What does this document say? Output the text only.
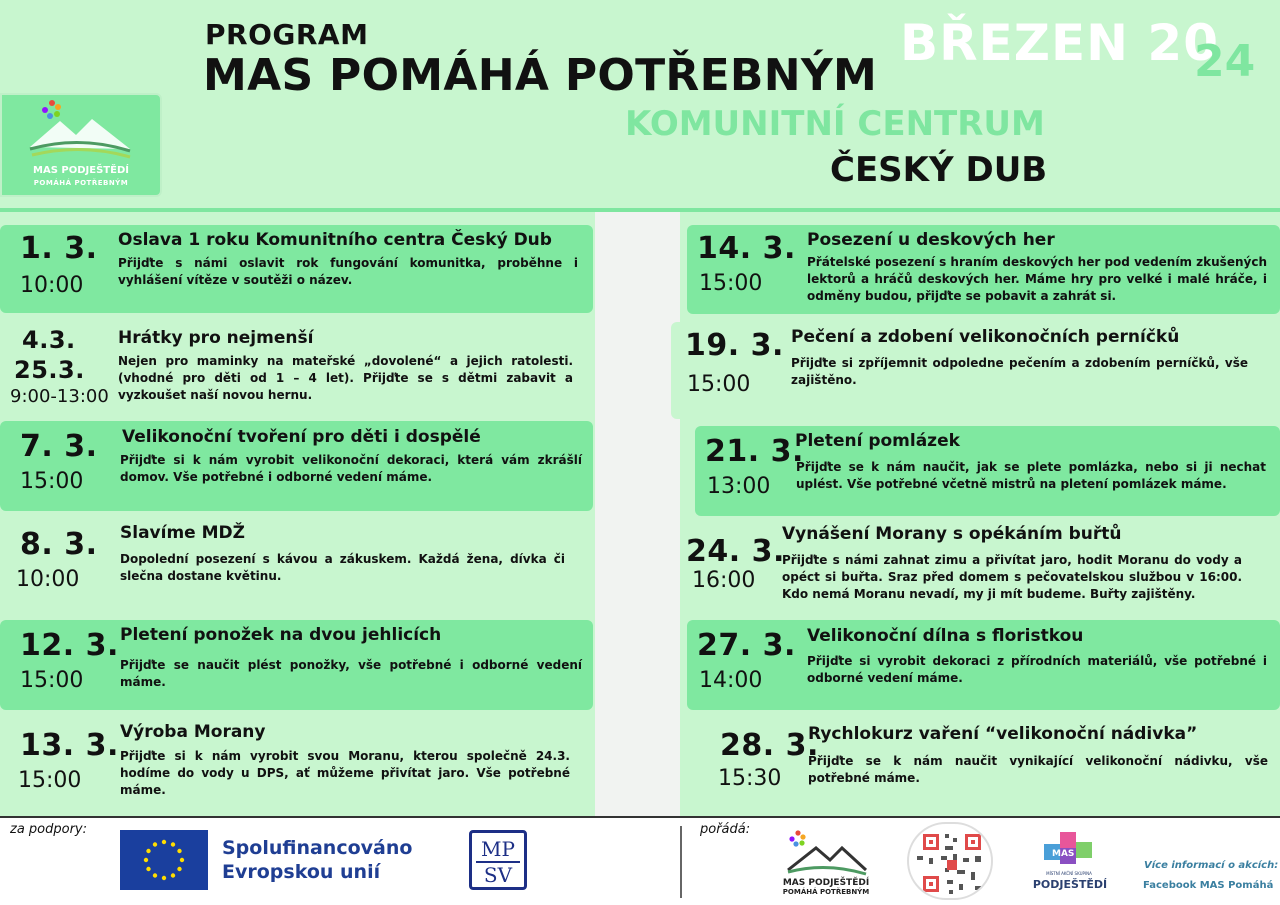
MAS PODJEŠTĚDÍ
POMÁHÁ POTŘEBNÝM
PROGRAM
MAS POMÁHÁ POTŘEBNÝM
BŘEZEN 20
24
KOMUNITNÍ CENTRUM
ČESKÝ DUB
1. 3.
10:00
Oslava 1 roku Komunitního centra Český Dub
Přijďte s námi oslavit rok fungování komunitka, proběhne i vyhlášení vítěze v soutěži o název.
4.3.
25.3.
9:00-13:00
Hrátky pro nejmenší
Nejen pro maminky na mateřské „dovolené“ a jejich ratolesti. (vhodné pro děti od 1 – 4 let). Přijďte se s dětmi zabavit a vyzkoušet naší novou hernu.
7. 3.
15:00
Velikonoční tvoření pro děti i dospělé
Přijďte si k nám vyrobit velikonoční dekoraci, která vám zkrášlí domov. Vše potřebné i odborné vedení máme.
8. 3.
10:00
Slavíme MDŽ
Dopolední posezení s kávou a zákuskem. Každá žena, dívka či slečna dostane květinu.
12. 3.
15:00
Pletení ponožek na dvou jehlicích
Přijďte se naučit plést ponožky, vše potřebné i odborné vedení máme.
13. 3.
15:00
Výroba Morany
Přijďte si k nám vyrobit svou Moranu, kterou společně 24.3. hodíme do vody u DPS, ať můžeme přivítat jaro. Vše potřebné máme.
14. 3.
15:00
Posezení u deskových her
Přátelské posezení s hraním deskových her pod vedením zkušených lektorů a hráčů deskových her. Máme hry pro velké i malé hráče, i odměny budou, přijďte se pobavit a zahrát si.
19. 3.
15:00
Pečení a zdobení velikonočních perníčků
Přijďte si zpříjemnit odpoledne pečením a zdobením perníčků, vše zajištěno.
21. 3.
13:00
Pletení pomlázek
Přijďte se k nám naučit, jak se plete pomlázka, nebo si ji nechat uplést. Vše potřebné včetně mistrů na pletení pomlázek máme.
24. 3.
16:00
Vynášení Morany s opékáním buřtů
Přijďte s námi zahnat zimu a přivítat jaro, hodit Moranu do vody a opéct si buřta. Sraz před domem s pečovatelskou službou v 16:00. Kdo nemá Moranu nevadí, my ji mít budeme. Buřty zajištěny.
27. 3.
14:00
Velikonoční dílna s floristkou
Přijďte si vyrobit dekoraci z přírodních materiálů, vše potřebné i odborné vedení máme.
28. 3.
15:30
Rychlokurz vaření “velikonoční nádivka”
Přijďte se k nám naučit vynikající velikonoční nádivku, vše potřebné máme.
za podpory:
Spolufinancováno
Evropskou unií
MP
SV
pořádá:
MAS PODJEŠTĚDÍ
POMÁHÁ POTŘEBNÝM
MAS
MÍSTNÍ AKČNÍ SKUPINA
PODJEŠTĚDÍ
Více informací o akcích:
Facebook MAS Pomáhá
